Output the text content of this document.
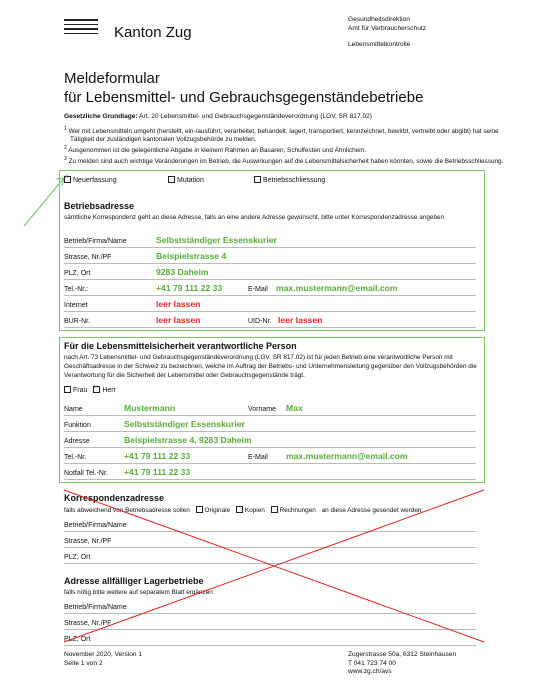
Kanton Zug
Gesundheitsdirektion
Amt für Verbraucherschutz
Lebensmittelkontrolle
Meldeformular
für Lebensmittel- und Gebrauchsgegenständebetriebe
Gesetzliche Grundlage: Art. 20 Lebensmittel- und Gebrauchsgegenständeverordnung (LGV, SR 817.02)
$^1$ Wer mit Lebensmitteln umgeht (herstellt, ein-/ausführt, verarbeitet, behandelt, lagert, transportiert, kennzeichnet, bewirbt, vertreibt oder abgibt) hat seine Tätigkeit der zuständigen kantonalen Vollzugsbehörde zu melden.
$^2$ Ausgenommen ist die gelegentliche Abgabe in kleinem Rahmen an Basaren, Schulfesten und Ähnlichem.
$^3$ Zu melden sind auch wichtige Veränderungen im Betrieb, die Auswirkungen auf die Lebensmittelsicherheit haben könnten, sowie die Betriebsschliessung.
×Neuerfassung	Mutation	Betriebsschliessung
Betriebsadresse
sämtliche Korrespondenz geht an diese Adresse, falls an eine andere Adresse gewünscht, bitte unter Korrespondenzadresse angeben
Betrieb/Firma/Name	Selbstständiger Essenskurier
Strasse, Nr./PF	Beispielstrasse 4
PLZ, Ort	9283 Daheim
Tel.-Nr.:	+41 79 111 22 33	E-Mail max.mustermann@email.com
Internet	leer lassen
BUR-Nr.	leer lassen	UID-Nr. leer lassen
Für die Lebensmittelsicherheit verantwortliche Person
nach Art. 73 Lebensmittel- und Gebrauchsgegenständeverordnung (LGV, SR 817.02) ist für jeden Betrieb eine verantwortliche Person mit Geschäftsadresse in der Schweiz zu bezeichnen, welche im Auftrag der Betriebs- und Unternehmensleitung gegenüber den Vollzugsbehörden die Verantwortung für die Sicherheit der Lebensmittel oder Gebrauchsgegenstände trägt.
Frau × Herr
Name	Mustermann	Vorname Max
Funktion	Selbstständiger Essenskurier
Adresse	Beispielstrasse 4, 9283 Daheim
Tel.-Nr.	+41 79 111 22 33	E-Mail max.mustermann@email.com
Notfall Tel.-Nr. +41 79 111 22 33
Korrespondenzadresse
falls abweichend von Betriebsadresse sollen Originale Kopien Rechnungen an diese Adresse gesendet werden:
Betrieb/Firma/Name
Strasse, Nr./PF
PLZ, Ort
Adresse allfälliger Lagerbetriebe
falls nötig bitte weitere auf separatem Blatt ergänzen
Betrieb/Firma/Name
Strasse, Nr./PF
PLZ, Ort
November 2020, Version 1
Seite 1 von 2
Zugerstrasse 50a, 6312 Steinhausen
T 041 723 74 00
www.zg.ch/avs
